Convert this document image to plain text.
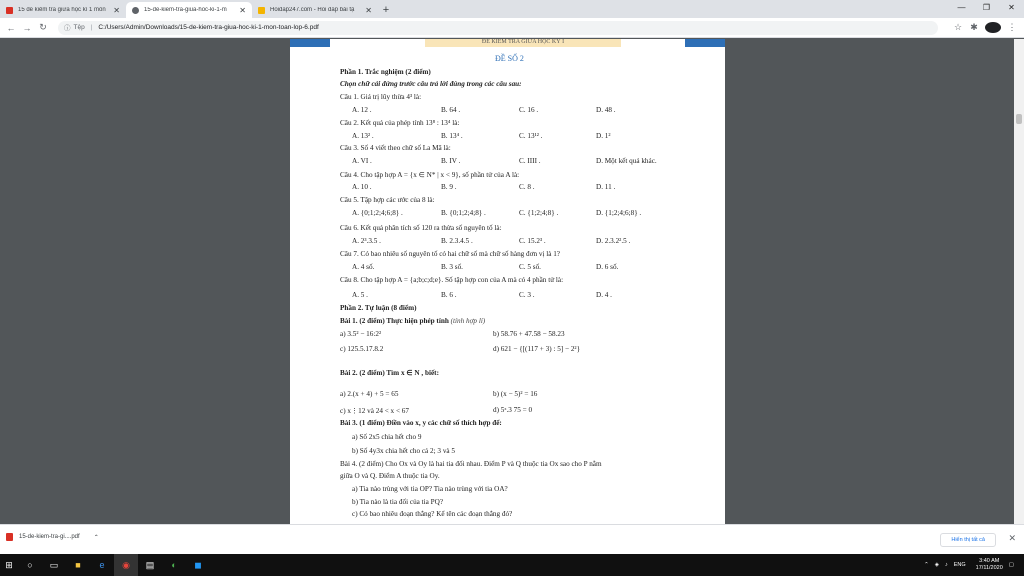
15 đề kiểm tra giữa học kì 1 môn ✕	15-de-kiem-tra-giua-hoc-ki-1-m	✕	Hoidap247.com - Hỏi đáp bài tậ	✕ +	—	❐	✕
← → ↻	ⓘ Tệp | C:/Users/Admin/Downloads/15-de-kiem-tra-giua-hoc-ki-1-mon-toan-lop-6.pdf	☆ ✱	⋮
ĐỀ KIỂM TRA GIỮA HỌC KỲ I
ĐỀ SỐ 2
Phần 1. Trắc nghiệm (2 điểm)
Chọn chữ cái đứng trước câu trả lời đúng trong các câu sau:
Câu 1. Giá trị lũy thừa 4³ là:
A. 12 .	B. 64 .	C. 16 .	D. 48 .
Câu 2. Kết quả của phép tính 13⁸ : 13⁴ là:
A. 13² .	B. 13⁴ .	C. 13¹² .	D. 1²
Câu 3. Số 4 viết theo chữ số La Mã là:
A. VI .	B. IV .	C. IIII .	D. Một kết quả khác.
Câu 4. Cho tập hợp A = {x ∈ N* | x < 9}, số phần tử của A là:
A. 10 .	B. 9 .	C. 8 .	D. 11 .
Câu 5. Tập hợp các ước của 8 là:
A. {0;1;2;4;6;8} .	B. {0;1;2;4;8} .	C. {1;2;4;8} .	D. {1;2;4;6;8} .
Câu 6. Kết quả phân tích số 120 ra thừa số nguyên tố là:
A. 2³.3.5 .	B. 2.3.4.5 .	C. 15.2³ .	D. 2.3.2².5 .
Câu 7. Có bao nhiêu số nguyên tố có hai chữ số mà chữ số hàng đơn vị là 1?
A. 4 số.	B. 3 số.	C. 5 số.	D. 6 số.
Câu 8. Cho tập hợp A = {a;b;c;d;e}. Số tập hợp con của A mà có 4 phần tử là:
A. 5 .	B. 6 .	C. 3 .	D. 4 .
Phần 2. Tự luận (8 điểm)
Bài 1. (2 điểm) Thực hiện phép tính (tính hợp lí)
a) 3.5² − 16:2²	b) 58.76 + 47.58 − 58.23
c) 125.5.17.8.2	d) 621 − {[(117 + 3) : 5] − 2²}
Bài 2. (2 điểm) Tìm x ∈ N , biết:
a) 2.(x + 4) + 5 = 65	b) (x − 5)² = 16
c) x⋮12 và 24 < x < 67	d) 5ˣ.3 75 = 0
Bài 3. (1 điểm) Điền vào x, y các chữ số thích hợp để:
a) Số 2x5 chia hết cho 9
b) Số 4y3x chia hết cho cả 2; 3 và 5
Bài 4. (2 điểm) Cho Ox và Oy là hai tia đối nhau. Điểm P và Q thuộc tia Ox sao cho P nằm
giữa O và Q. Điểm A thuộc tia Oy.
a) Tia nào trùng với tia OP? Tia nào trùng với tia OA?
b) Tia nào là tia đối của tia PQ?
c) Có bao nhiêu đoạn thẳng? Kể tên các đoạn thẳng đó?
15-de-kiem-tra-gi....pdf ⌃	Hiển thị tất cả	✕
⊞	○	▭	■	e	◉	▤	◐	◼	⌃ ◈ ♪ ENG
3:40 AM
17/11/2020 ▢
